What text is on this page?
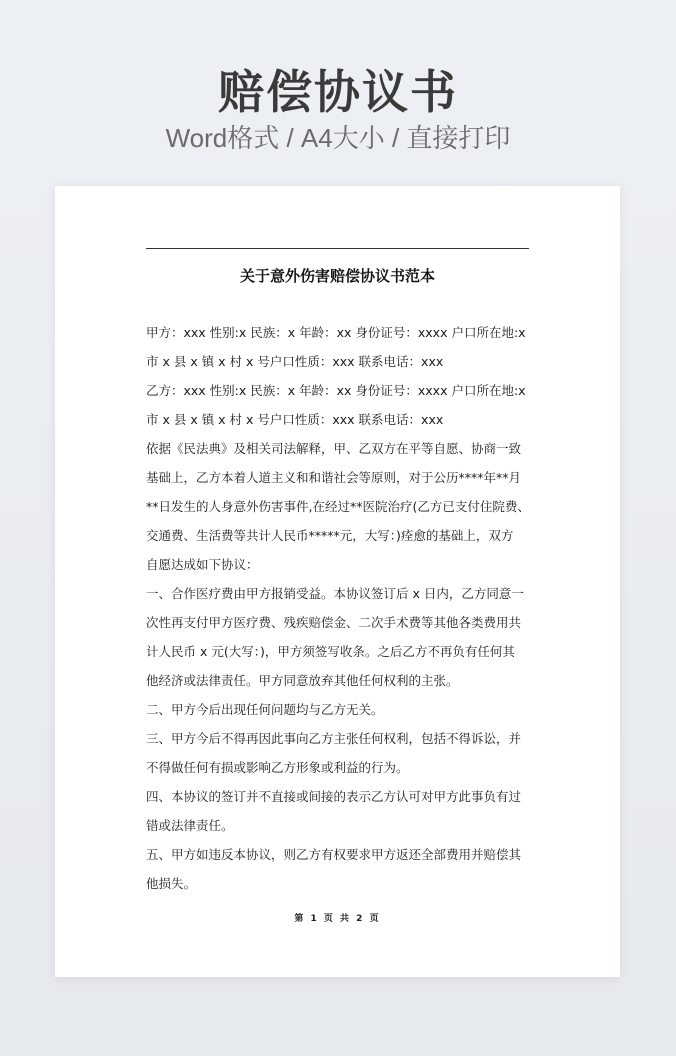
赔偿协议书
Word格式 / A4大小 / 直接打印
关于意外伤害赔偿协议书范本
甲方：xxx 性别:x 民族：x 年龄：xx 身份证号：xxxx 户口所在地:x
市 x 县 x 镇 x 村 x 号户口性质：xxx 联系电话：xxx
乙方：xxx 性别:x 民族：x 年龄：xx 身份证号：xxxx 户口所在地:x
市 x 县 x 镇 x 村 x 号户口性质：xxx 联系电话：xxx
依据《民法典》及相关司法解释，甲、乙双方在平等自愿、协商一致
基础上，乙方本着人道主义和和谐社会等原则，对于公历****年**月
**日发生的人身意外伤害事件,在经过**医院治疗(乙方已支付住院费、
交通费、生活费等共计人民币*****元，大写：)痊愈的基础上，双方
自愿达成如下协议：
一、合作医疗费由甲方报销受益。本协议签订后 x 日内，乙方同意一
次性再支付甲方医疗费、残疾赔偿金、二次手术费等其他各类费用共
计人民币 x 元(大写：)，甲方须签写收条。之后乙方不再负有任何其
他经济或法律责任。甲方同意放弃其他任何权利的主张。
二、甲方今后出现任何问题均与乙方无关。
三、甲方今后不得再因此事向乙方主张任何权利，包括不得诉讼，并
不得做任何有损或影响乙方形象或利益的行为。
四、本协议的签订并不直接或间接的表示乙方认可对甲方此事负有过
错或法律责任。
五、甲方如违反本协议，则乙方有权要求甲方返还全部费用并赔偿其
他损失。
第 1 页 共 2 页
